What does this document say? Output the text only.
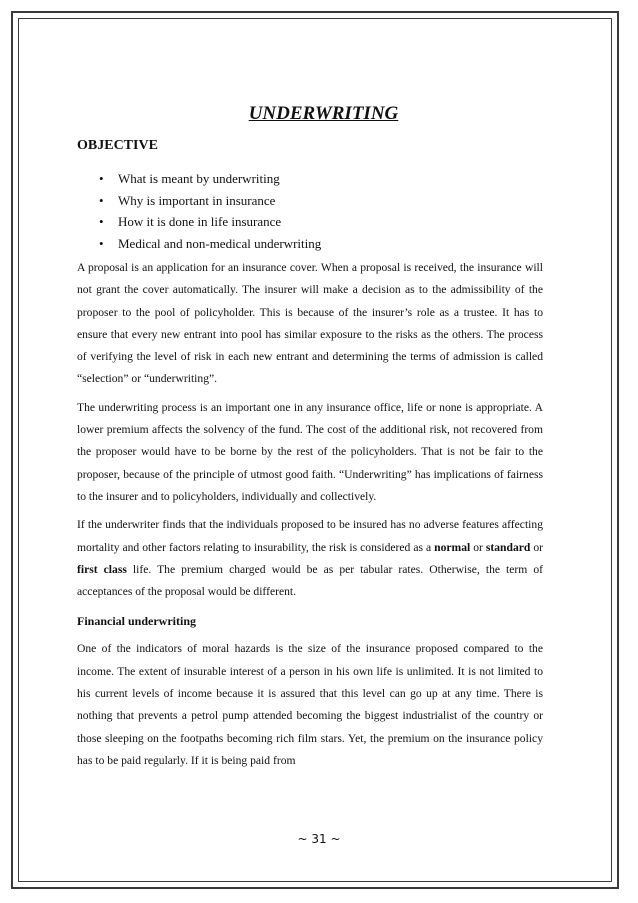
UNDERWRITING
OBJECTIVE
• What is meant by underwriting
• Why is important in insurance
• How it is done in life insurance
• Medical and non-medical underwriting

A proposal is an application for an insurance cover. When a proposal is received, the insurance will not grant the cover automatically. The insurer will make a decision as to the admissibility of the proposer to the pool of policyholder. This is because of the insurer’s role as a trustee. It has to ensure that every new entrant into pool has similar exposure to the risks as the others. The process of verifying the level of risk in each new entrant and determining the terms of admission is called “selection” or “underwriting”.

The underwriting process is an important one in any insurance office, life or none is appropriate. A lower premium affects the solvency of the fund. The cost of the additional risk, not recovered from the proposer would have to be borne by the rest of the policyholders. That is not be fair to the proposer, because of the principle of utmost good faith. “Underwriting” has implications of fairness to the insurer and to policyholders, individually and collectively.

If the underwriter finds that the individuals proposed to be insured has no adverse features affecting mortality and other factors relating to insurability, the risk is considered as a normal or standard or first class life. The premium charged would be as per tabular rates. Otherwise, the term of acceptances of the proposal would be different.

Financial underwriting

One of the indicators of moral hazards is the size of the insurance proposed compared to the income. The extent of insurable interest of a person in his own life is unlimited. It is not limited to his current levels of income because it is assured that this level can go up at any time. There is nothing that prevents a petrol pump attended becoming the biggest industrialist of the country or those sleeping on the footpaths becoming rich film stars. Yet, the premium on the insurance policy has to be paid regularly. If it is being paid from

~ 31 ~
